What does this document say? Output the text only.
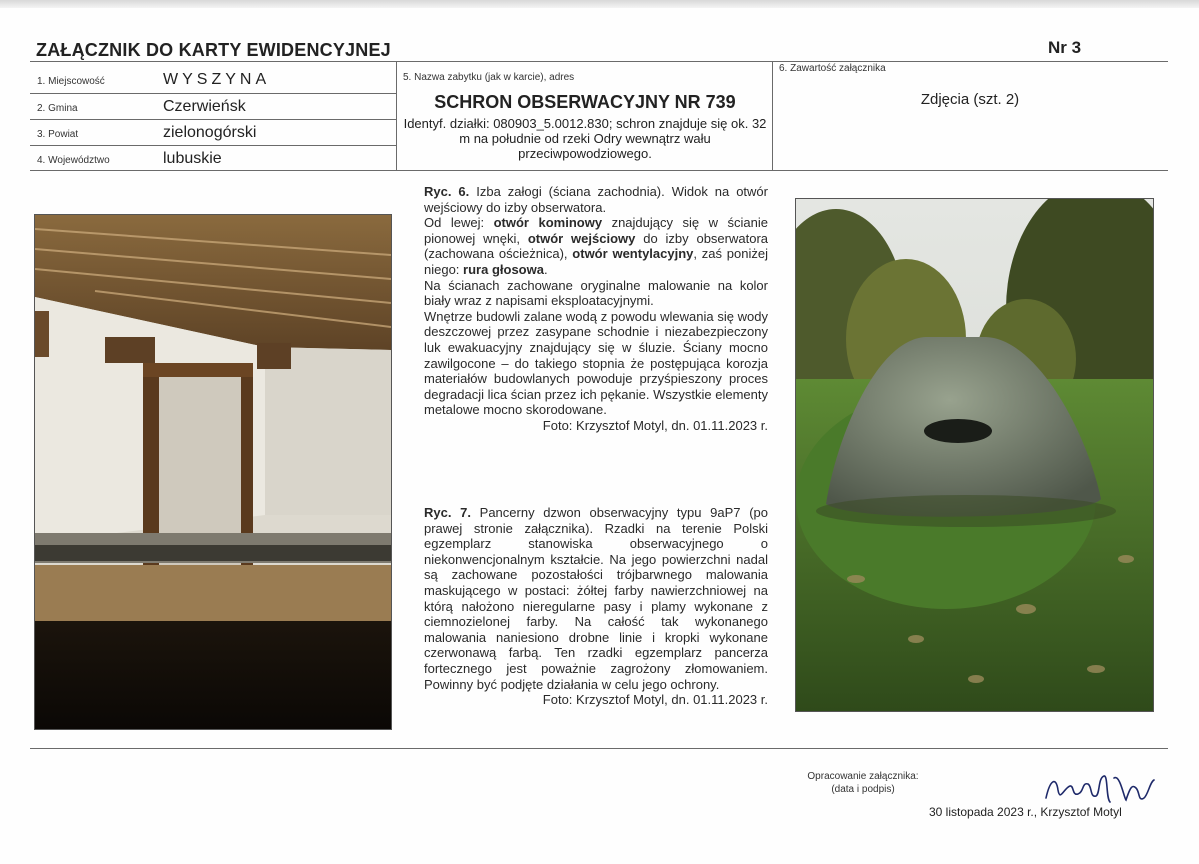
ZAŁĄCZNIK DO KARTY EWIDENCYJNEJ	Nr 3
1. Miejscowość	WYSZYNA
2. Gmina	Czerwieńsk
3. Powiat	zielonogórski
4. Województwo	lubuskie
5. Nazwa zabytku (jak w karcie), adres
SCHRON OBSERWACYJNY NR 739
Identyf. działki: 080903_5.0012.830; schron znajduje się ok. 32 m na południe od rzeki Odry wewnątrz wału przeciwpowodziowego.
6. Zawartość załącznika
Zdjęcia (szt. 2)

Ryc. 6. Izba załogi (ściana zachodnia). Widok na otwór wejściowy do izby obserwatora.

Od lewej: otwór kominowy znajdujący się w ścianie pionowej wnęki, otwór wejściowy do izby obserwatora (zachowana ościeżnica), otwór wentylacyjny, zaś poniżej niego: rura głosowa.

Na ścianach zachowane oryginalne malowanie na kolor biały wraz z napisami eksploatacyjnymi.

Wnętrze budowli zalane wodą z powodu wlewania się wody deszczowej przez zasypane schodnie i niezabezpieczony luk ewakuacyjny znajdujący się w śluzie. Ściany mocno zawilgocone – do takiego stopnia że postępująca korozja materiałów budowlanych powoduje przyśpieszony proces degradacji lica ścian przez ich pękanie. Wszystkie elementy metalowe mocno skorodowane.

Foto: Krzysztof Motyl, dn. 01.11.2023 r.

Ryc. 7. Pancerny dzwon obserwacyjny typu 9aP7 (po prawej stronie załącznika). Rzadki na terenie Polski egzemplarz stanowiska obserwacyjnego o niekonwencjonalnym kształcie. Na jego powierzchni nadal są zachowane pozostałości trójbarwnego malowania maskującego w postaci: żółtej farby nawierzchniowej na którą nałożono nieregularne pasy i plamy wykonane z ciemnozielonej farby. Na całość tak wykonanego malowania naniesiono drobne linie i kropki wykonane czerwonawą farbą. Ten rzadki egzemplarz pancerza fortecznego jest poważnie zagrożony złomowaniem. Powinny być podjęte działania w celu jego ochrony.

Foto: Krzysztof Motyl, dn. 01.11.2023 r.

Opracowanie załącznika:
(data i podpis)
30 listopada 2023 r., Krzysztof Motyl
